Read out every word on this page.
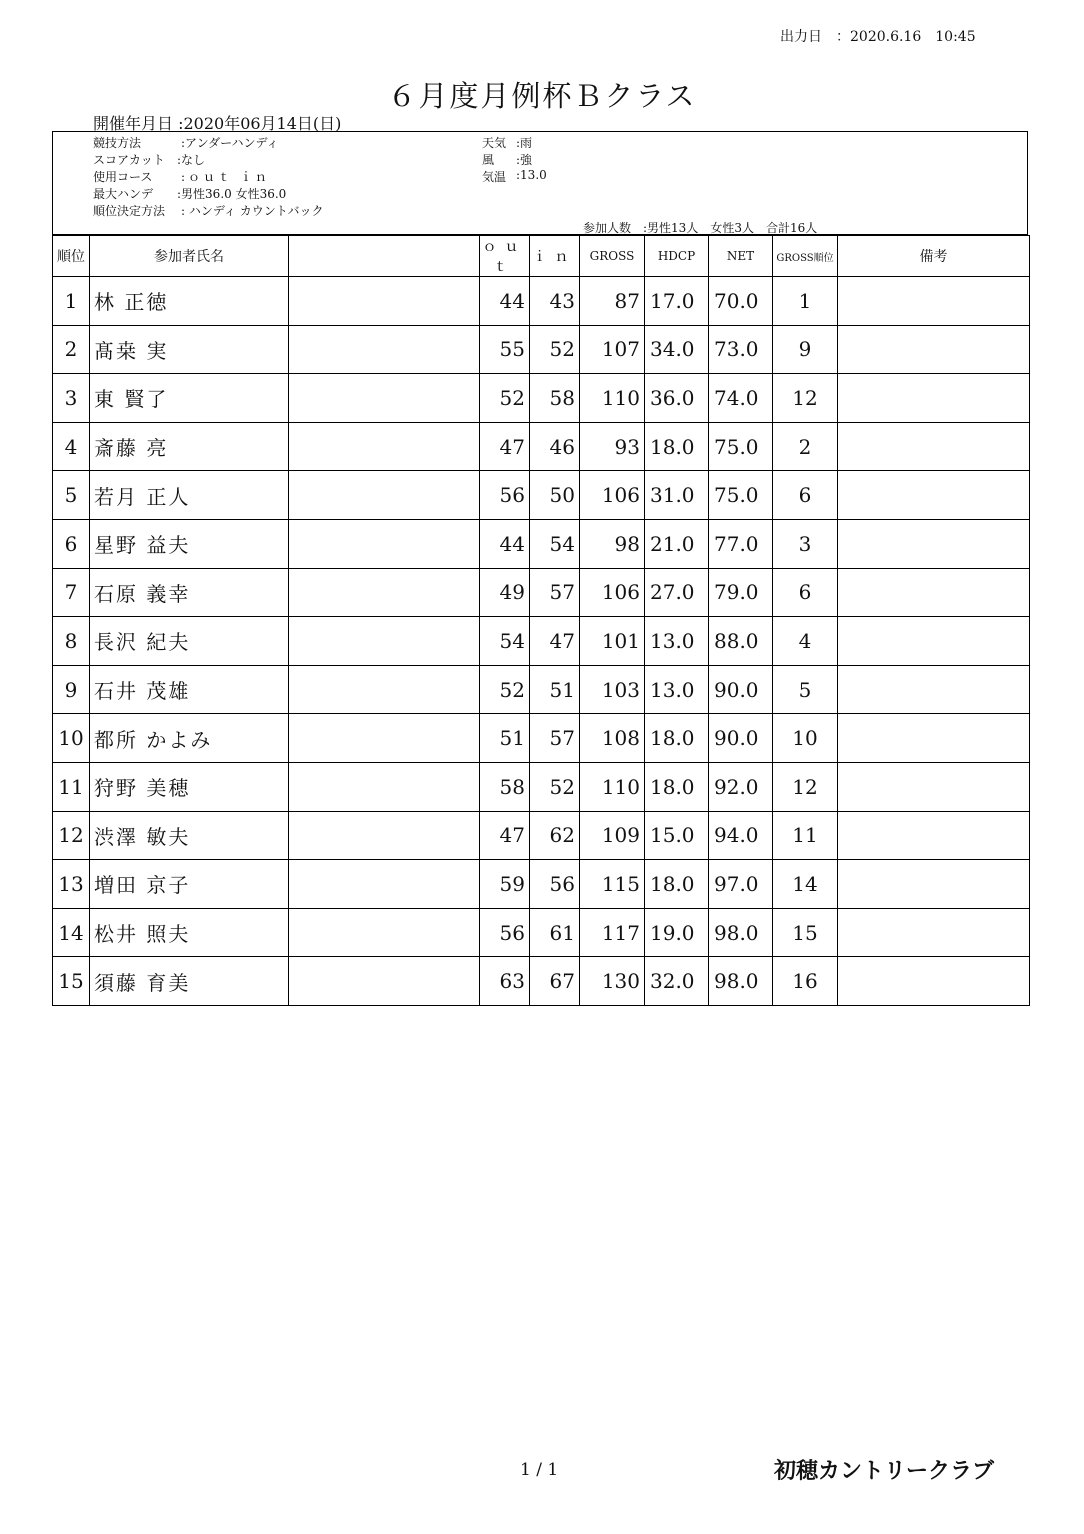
出力日　：2020.6.16　10:45
６月度月例杯Ｂクラス
開催年月日 :2020年06月14日(日)
競技方法	:アンダーハンディ
スコアカット :なし
使用コース :ｏｕｔ ｉｎ
最大ハンデ :男性36.0 女性36.0
順位決定方法 : ハンディ カウントバック
天気 :雨
風 :強
気温 :13.0
参加人数　:男性13人　女性3人　合計16人
順位	参加者氏名		ｏｕｔ	ｉｎ	GROSS	HDCP	NET	GROSS順位	備考
1	林 正徳		44	43	87	17.0	70.0	1	
2	髙桒 実		55	52	107	34.0	73.0	9	
3	東 賢了		52	58	110	36.0	74.0	12	
4	斎藤 亮		47	46	93	18.0	75.0	2	
5	若月 正人		56	50	106	31.0	75.0	6	
6	星野 益夫		44	54	98	21.0	77.0	3	
7	石原 義幸		49	57	106	27.0	79.0	6	
8	長沢 紀夫		54	47	101	13.0	88.0	4	
9	石井 茂雄		52	51	103	13.0	90.0	5	
10	都所 かよみ		51	57	108	18.0	90.0	10	
11	狩野 美穂		58	52	110	18.0	92.0	12	
12	渋澤 敏夫		47	62	109	15.0	94.0	11	
13	増田 京子		59	56	115	18.0	97.0	14	
14	松井 照夫		56	61	117	19.0	98.0	15	
15	須藤 育美		63	67	130	32.0	98.0	16	
1 / 1	初穂カントリークラブ
